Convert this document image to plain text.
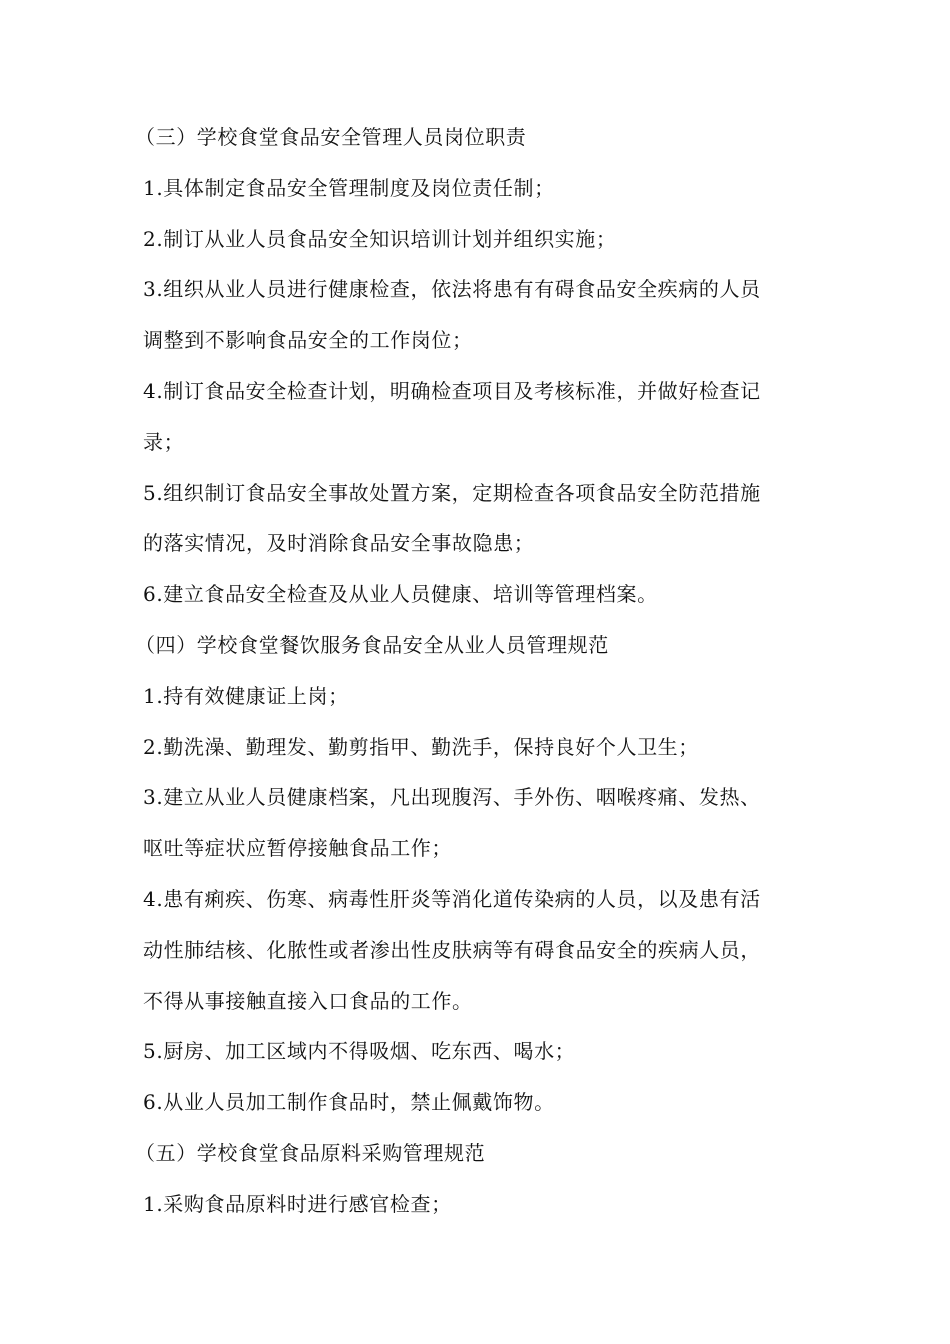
（三）学校食堂食品安全管理人员岗位职责
1.具体制定食品安全管理制度及岗位责任制；
2.制订从业人员食品安全知识培训计划并组织实施；
3.组织从业人员进行健康检查，依法将患有有碍食品安全疾病的人员
调整到不影响食品安全的工作岗位；
4.制订食品安全检查计划，明确检查项目及考核标准，并做好检查记
录；
5.组织制订食品安全事故处置方案，定期检查各项食品安全防范措施
的落实情况，及时消除食品安全事故隐患；
6.建立食品安全检查及从业人员健康、培训等管理档案。
（四）学校食堂餐饮服务食品安全从业人员管理规范
1.持有效健康证上岗；
2.勤洗澡、勤理发、勤剪指甲、勤洗手，保持良好个人卫生；
3.建立从业人员健康档案，凡出现腹泻、手外伤、咽喉疼痛、发热、
呕吐等症状应暂停接触食品工作；
4.患有痢疾、伤寒、病毒性肝炎等消化道传染病的人员，以及患有活
动性肺结核、化脓性或者渗出性皮肤病等有碍食品安全的疾病人员，
不得从事接触直接入口食品的工作。
5.厨房、加工区域内不得吸烟、吃东西、喝水；
6.从业人员加工制作食品时，禁止佩戴饰物。
（五）学校食堂食品原料采购管理规范
1.采购食品原料时进行感官检查；
